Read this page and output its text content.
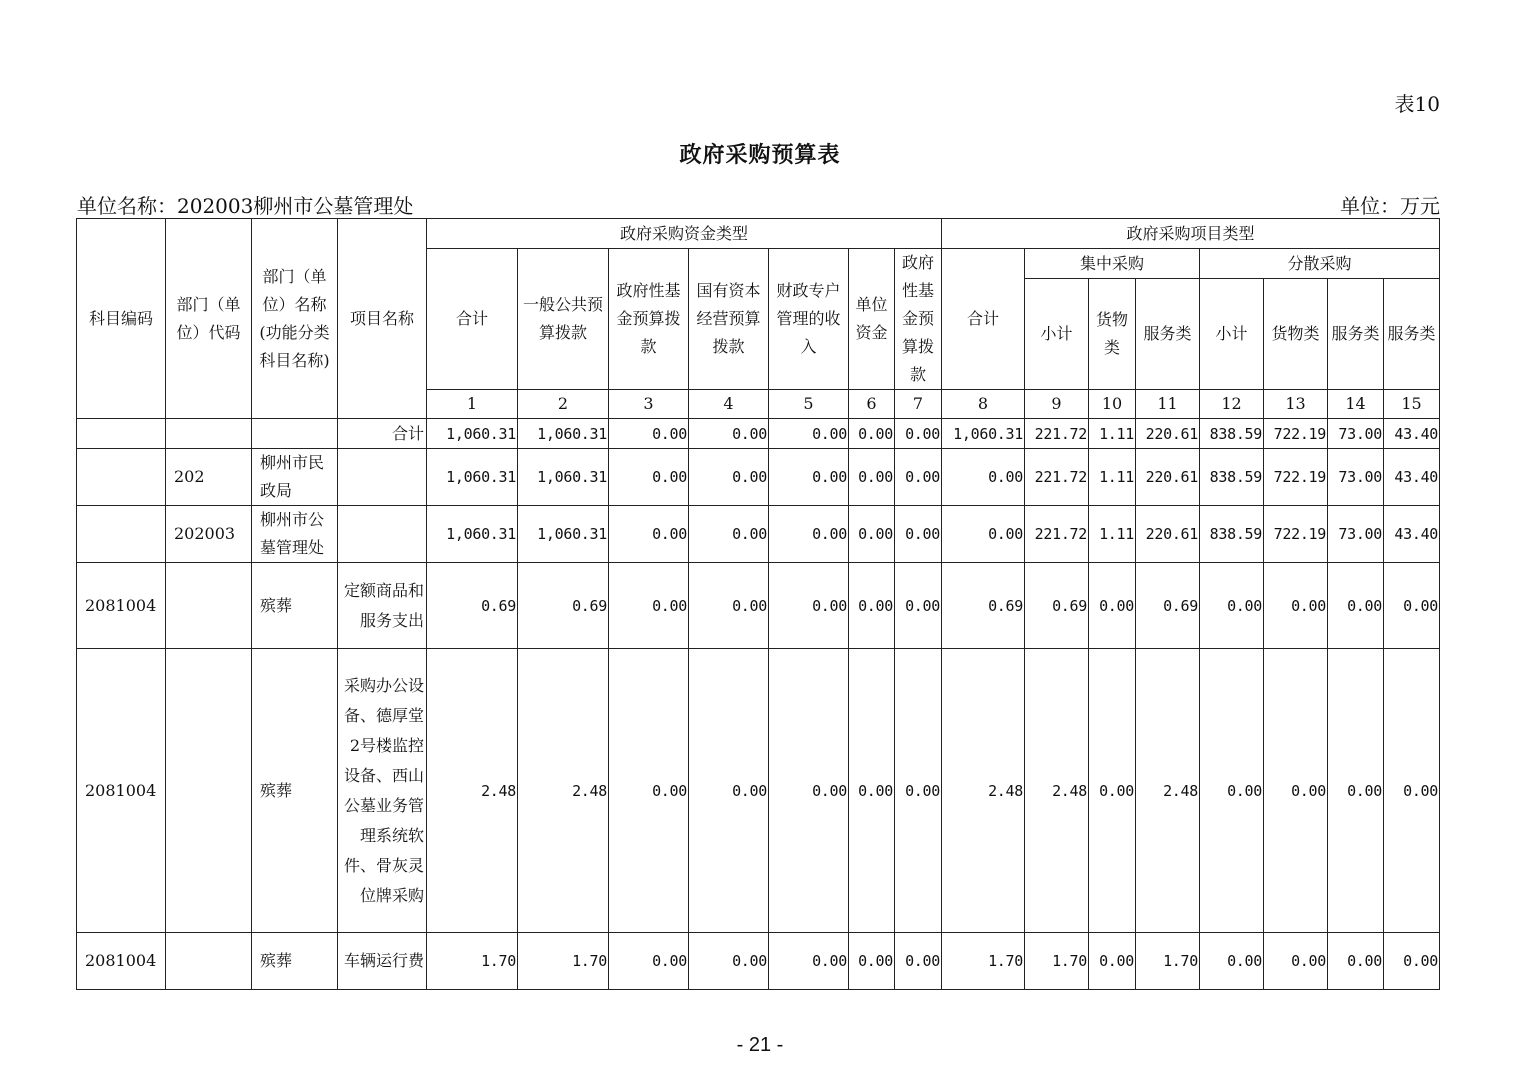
表10
政府采购预算表
单位名称：202003柳州市公墓管理处	单位：万元
科目编码	部门（单位）代码	部门（单位）名称(功能分类科目名称)	项目名称	政府采购资金类型							政府采购项目类型							
				合计	一般公共预算拨款	政府性基金预算拨款	国有资本经营预算拨款	财政专户管理的收入	单位资金	政府性基金预算拨款	合计	集中采购			分散采购			
												小计	货物类	服务类	小计	货物类	服务类	服务类
				1	2	3	4	5	6	7	8	9	10	11	12	13	14	15
			合计	1,060.31	1,060.31	0.00	0.00	0.00	0.00	0.00	1,060.31	221.72	1.11	220.61	838.59	722.19	73.00	43.40
	202	柳州市民政局		1,060.31	1,060.31	0.00	0.00	0.00	0.00	0.00	0.00	221.72	1.11	220.61	838.59	722.19	73.00	43.40
	202003	柳州市公墓管理处		1,060.31	1,060.31	0.00	0.00	0.00	0.00	0.00	0.00	221.72	1.11	220.61	838.59	722.19	73.00	43.40
2081004		殡葬	定额商品和服务支出	0.69	0.69	0.00	0.00	0.00	0.00	0.00	0.69	0.69	0.00	0.69	0.00	0.00	0.00	0.00
2081004		殡葬	采购办公设备、德厚堂2号楼监控设备、西山公墓业务管理系统软件、骨灰灵位牌采购	2.48	2.48	0.00	0.00	0.00	0.00	0.00	2.48	2.48	0.00	2.48	0.00	0.00	0.00	0.00
2081004		殡葬	车辆运行费	1.70	1.70	0.00	0.00	0.00	0.00	0.00	1.70	1.70	0.00	1.70	0.00	0.00	0.00	0.00
- 21 -
